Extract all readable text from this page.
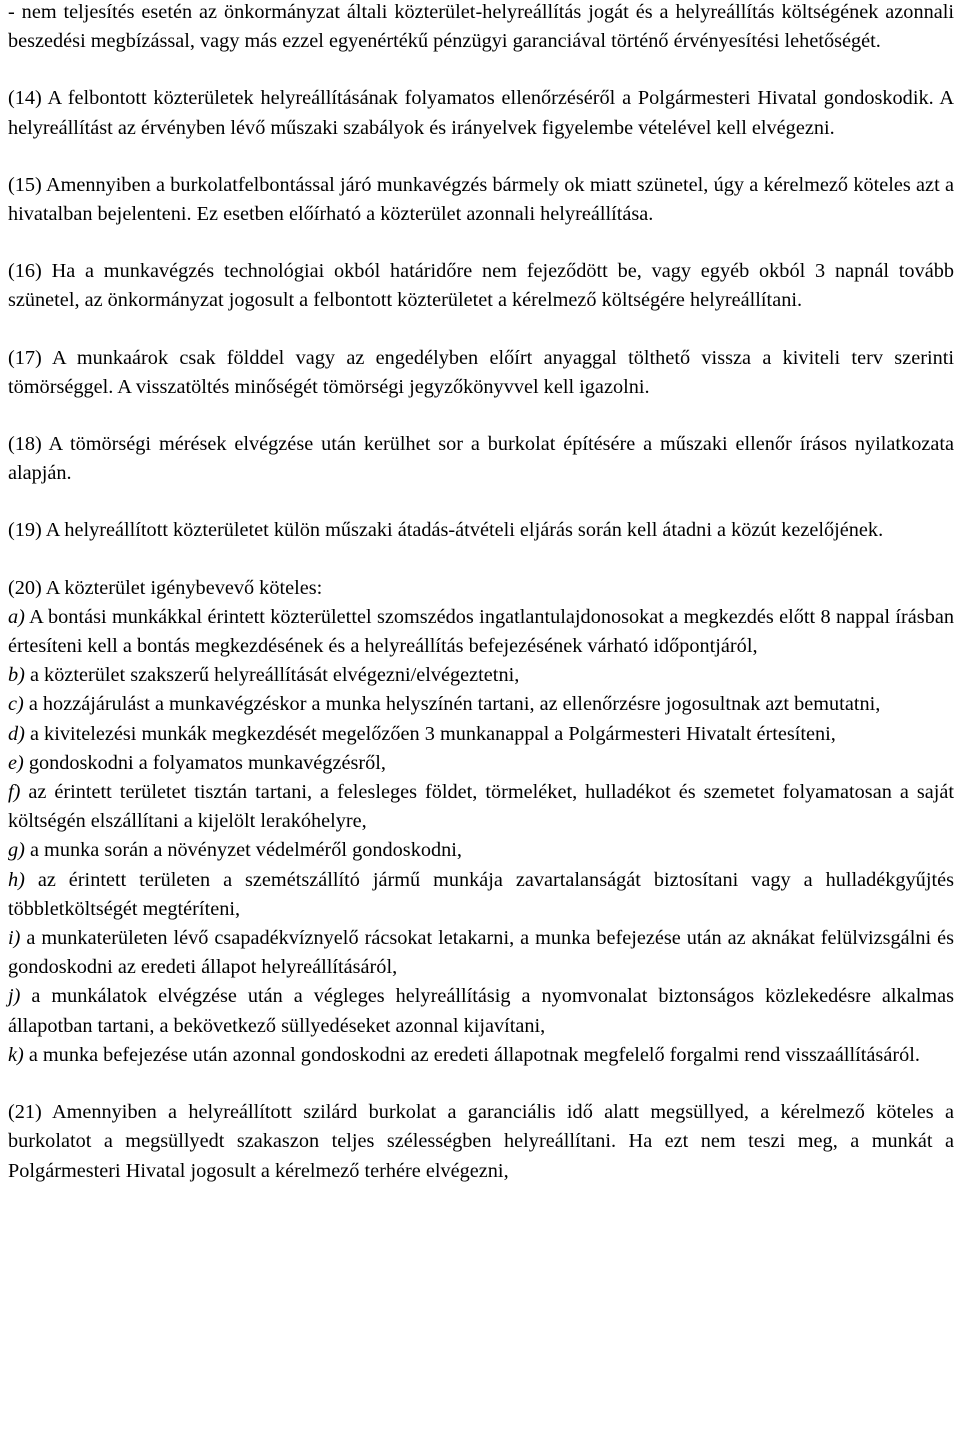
- nem teljesítés esetén az önkormányzat általi közterület-helyreállítás jogát és a helyreállítás költségének azonnali beszedési megbízással, vagy más ezzel egyenértékű pénzügyi garanciával történő érvényesítési lehetőségét.

(14) A felbontott közterületek helyreállításának folyamatos ellenőrzéséről a Polgármesteri Hivatal gondoskodik. A helyreállítást az érvényben lévő műszaki szabályok és irányelvek figyelembe vételével kell elvégezni.

(15) Amennyiben a burkolatfelbontással járó munkavégzés bármely ok miatt szünetel, úgy a kérelmező köteles azt a hivatalban bejelenteni. Ez esetben előírható a közterület azonnali helyreállítása.

(16) Ha a munkavégzés technológiai okból határidőre nem fejeződött be, vagy egyéb okból 3 napnál tovább szünetel, az önkormányzat jogosult a felbontott közterületet a kérelmező költségére helyreállítani.

(17) A munkaárok csak földdel vagy az engedélyben előírt anyaggal tölthető vissza a kiviteli terv szerinti tömörséggel. A visszatöltés minőségét tömörségi jegyzőkönyvvel kell igazolni.

(18) A tömörségi mérések elvégzése után kerülhet sor a burkolat építésére a műszaki ellenőr írásos nyilatkozata alapján.

(19) A helyreállított közterületet külön műszaki átadás-átvételi eljárás során kell átadni a közút kezelőjének.

(20) A közterület igénybevevő köteles:
a) A bontási munkákkal érintett közterülettel szomszédos ingatlantulajdonosokat a megkezdés előtt 8 nappal írásban értesíteni kell a bontás megkezdésének és a helyreállítás befejezésének várható időpontjáról,
b) a közterület szakszerű helyreállítását elvégezni/elvégeztetni,
c) a hozzájárulást a munkavégzéskor a munka helyszínén tartani, az ellenőrzésre jogosultnak azt bemutatni,
d) a kivitelezési munkák megkezdését megelőzően 3 munkanappal a Polgármesteri Hivatalt értesíteni,
e) gondoskodni a folyamatos munkavégzésről,
f) az érintett területet tisztán tartani, a felesleges földet, törmeléket, hulladékot és szemetet folyamatosan a saját költségén elszállítani a kijelölt lerakóhelyre,
g) a munka során a növényzet védelméről gondoskodni,
h) az érintett területen a szemétszállító jármű munkája zavartalanságát biztosítani vagy a hulladékgyűjtés többletköltségét megtéríteni,
i) a munkaterületen lévő csapadékvíznyelő rácsokat letakarni, a munka befejezése után az aknákat felülvizsgálni és gondoskodni az eredeti állapot helyreállításáról,
j) a munkálatok elvégzése után a végleges helyreállításig a nyomvonalat biztonságos közlekedésre alkalmas állapotban tartani, a bekövetkező süllyedéseket azonnal kijavítani,
k) a munka befejezése után azonnal gondoskodni az eredeti állapotnak megfelelő forgalmi rend visszaállításáról.

(21) Amennyiben a helyreállított szilárd burkolat a garanciális idő alatt megsüllyed, a kérelmező köteles a burkolatot a megsüllyedt szakaszon teljes szélességben helyreállítani. Ha ezt nem teszi meg, a munkát a Polgármesteri Hivatal jogosult a kérelmező terhére elvégezni,
